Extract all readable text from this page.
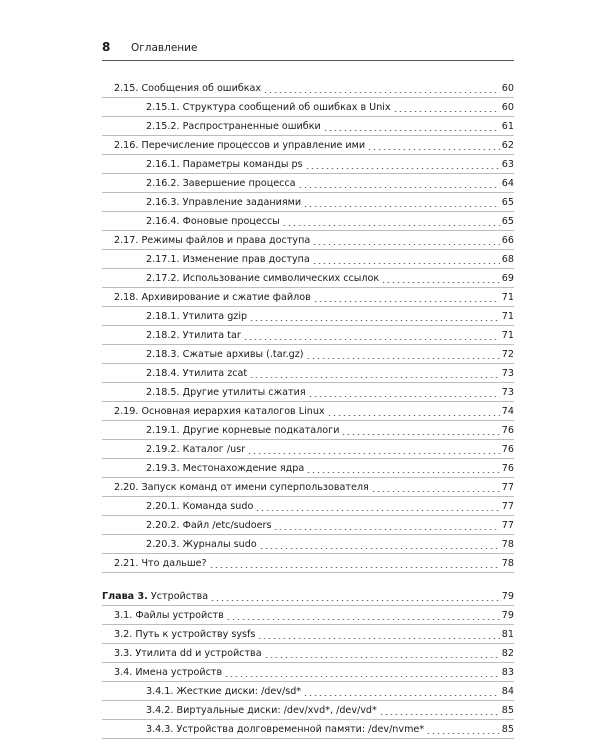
8	Оглавление
2.15. Сообщения об ошибках	60
2.15.1. Структура сообщений об ошибках в Unix	60
2.15.2. Распространенные ошибки	61
2.16. Перечисление процессов и управление ими	62
2.16.1. Параметры команды ps	63
2.16.2. Завершение процесса	64
2.16.3. Управление заданиями	65
2.16.4. Фоновые процессы	65
2.17. Режимы файлов и права доступа	66
2.17.1. Изменение прав доступа	68
2.17.2. Использование символических ссылок	69
2.18. Архивирование и сжатие файлов	71
2.18.1. Утилита gzip	71
2.18.2. Утилита tar	71
2.18.3. Сжатые архивы (.tar.gz)	72
2.18.4. Утилита zcat	73
2.18.5. Другие утилиты сжатия	73
2.19. Основная иерархия каталогов Linux	74
2.19.1. Другие корневые подкаталоги	76
2.19.2. Каталог /usr	76
2.19.3. Местонахождение ядра	76
2.20. Запуск команд от имени суперпользователя	77
2.20.1. Команда sudo	77
2.20.2. Файл /etc/sudoers	77
2.20.3. Журналы sudo	78
2.21. Что дальше?	78
Глава 3. Устройства	79
3.1. Файлы устройств	79
3.2. Путь к устройству sysfs	81
3.3. Утилита dd и устройства	82
3.4. Имена устройств	83
3.4.1. Жесткие диски: /dev/sd*	84
3.4.2. Виртуальные диски: /dev/xvd*, /dev/vd*	85
3.4.3. Устройства долговременной памяти: /dev/nvme*	85
